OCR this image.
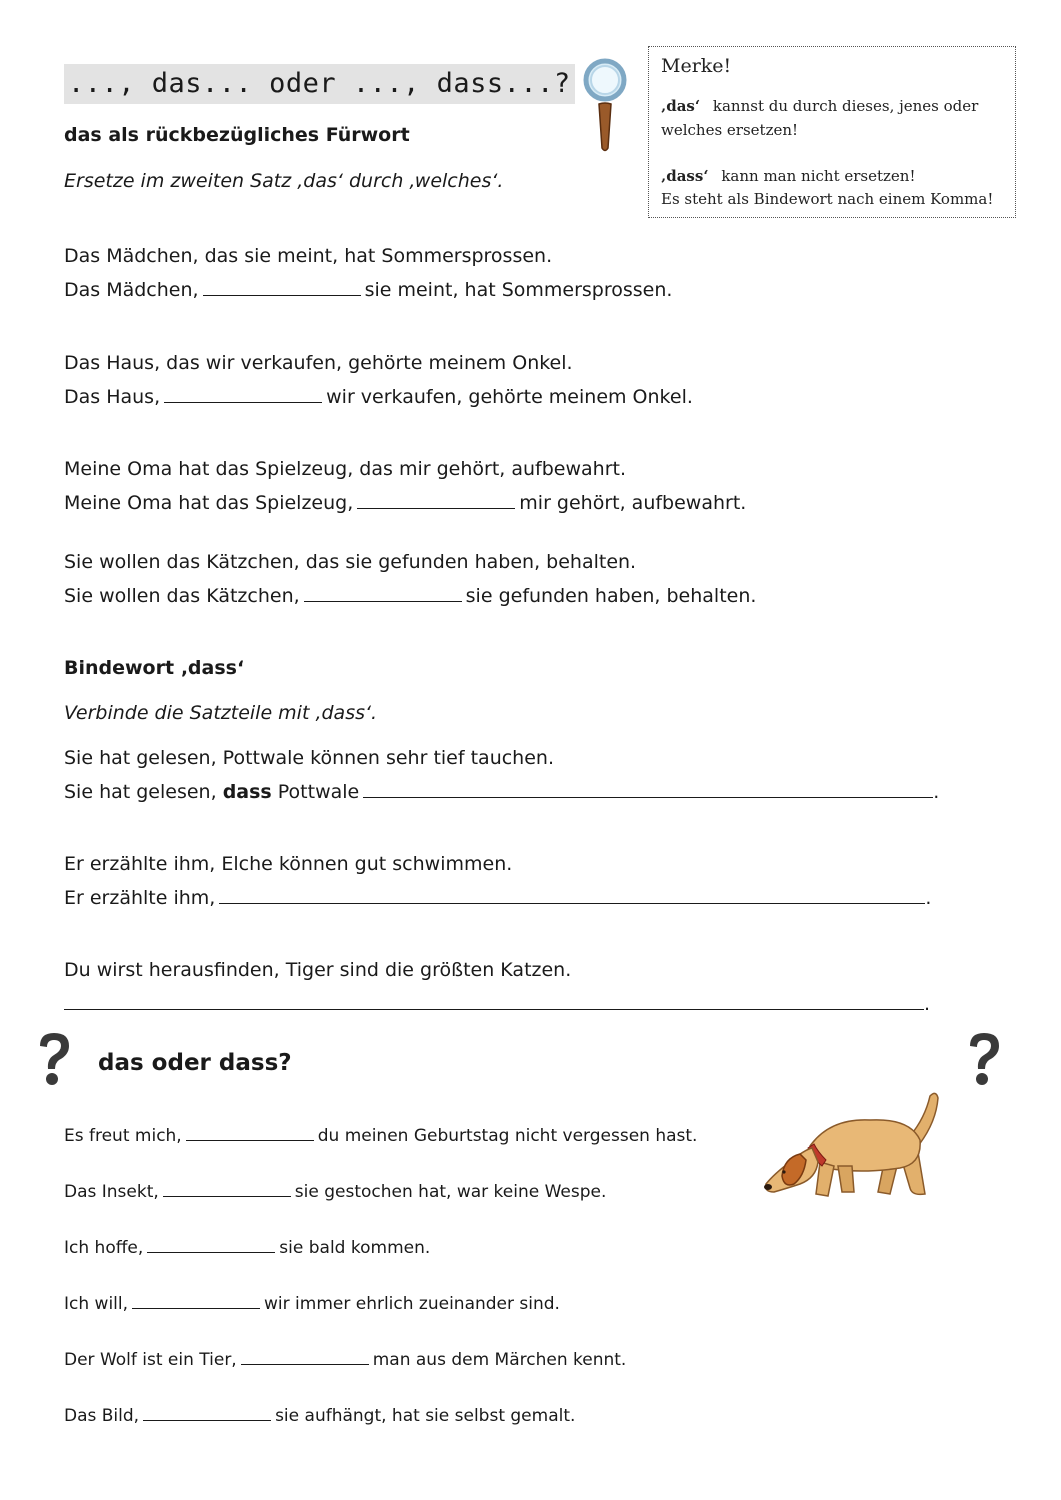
..., das... oder ..., dass...?
Merke!
‚das‘ kannst du durch dieses, jenes oder
welches ersetzen!
‚dass‘ kann man nicht ersetzen!
Es steht als Bindewort nach einem Komma!
das als rückbezügliches Fürwort
Ersetze im zweiten Satz ‚das‘ durch ‚welches‘.
Das Mädchen, das sie meint, hat Sommersprossen.
Das Mädchen,	sie meint, hat Sommersprossen.
Das Haus, das wir verkaufen, gehörte meinem Onkel.
Das Haus,	wir verkaufen, gehörte meinem Onkel.
Meine Oma hat das Spielzeug, das mir gehört, aufbewahrt.
Meine Oma hat das Spielzeug,	mir gehört, aufbewahrt.
Sie wollen das Kätzchen, das sie gefunden haben, behalten.
Sie wollen das Kätzchen,	sie gefunden haben, behalten.
Bindewort ‚dass‘
Verbinde die Satzteile mit ‚dass‘.
Sie hat gelesen, Pottwale können sehr tief tauchen.
Sie hat gelesen, dass Pottwale	.
Er erzählte ihm, Elche können gut schwimmen.
Er erzählte ihm,	.
Du wirst herausfinden, Tiger sind die größten Katzen.
.
das oder dass?
Es freut mich,	du meinen Geburtstag nicht vergessen hast.
Das Insekt,	sie gestochen hat, war keine Wespe.
Ich hoffe,	sie bald kommen.
Ich will,	wir immer ehrlich zueinander sind.
Der Wolf ist ein Tier,	man aus dem Märchen kennt.
Das Bild,	sie aufhängt, hat sie selbst gemalt.
